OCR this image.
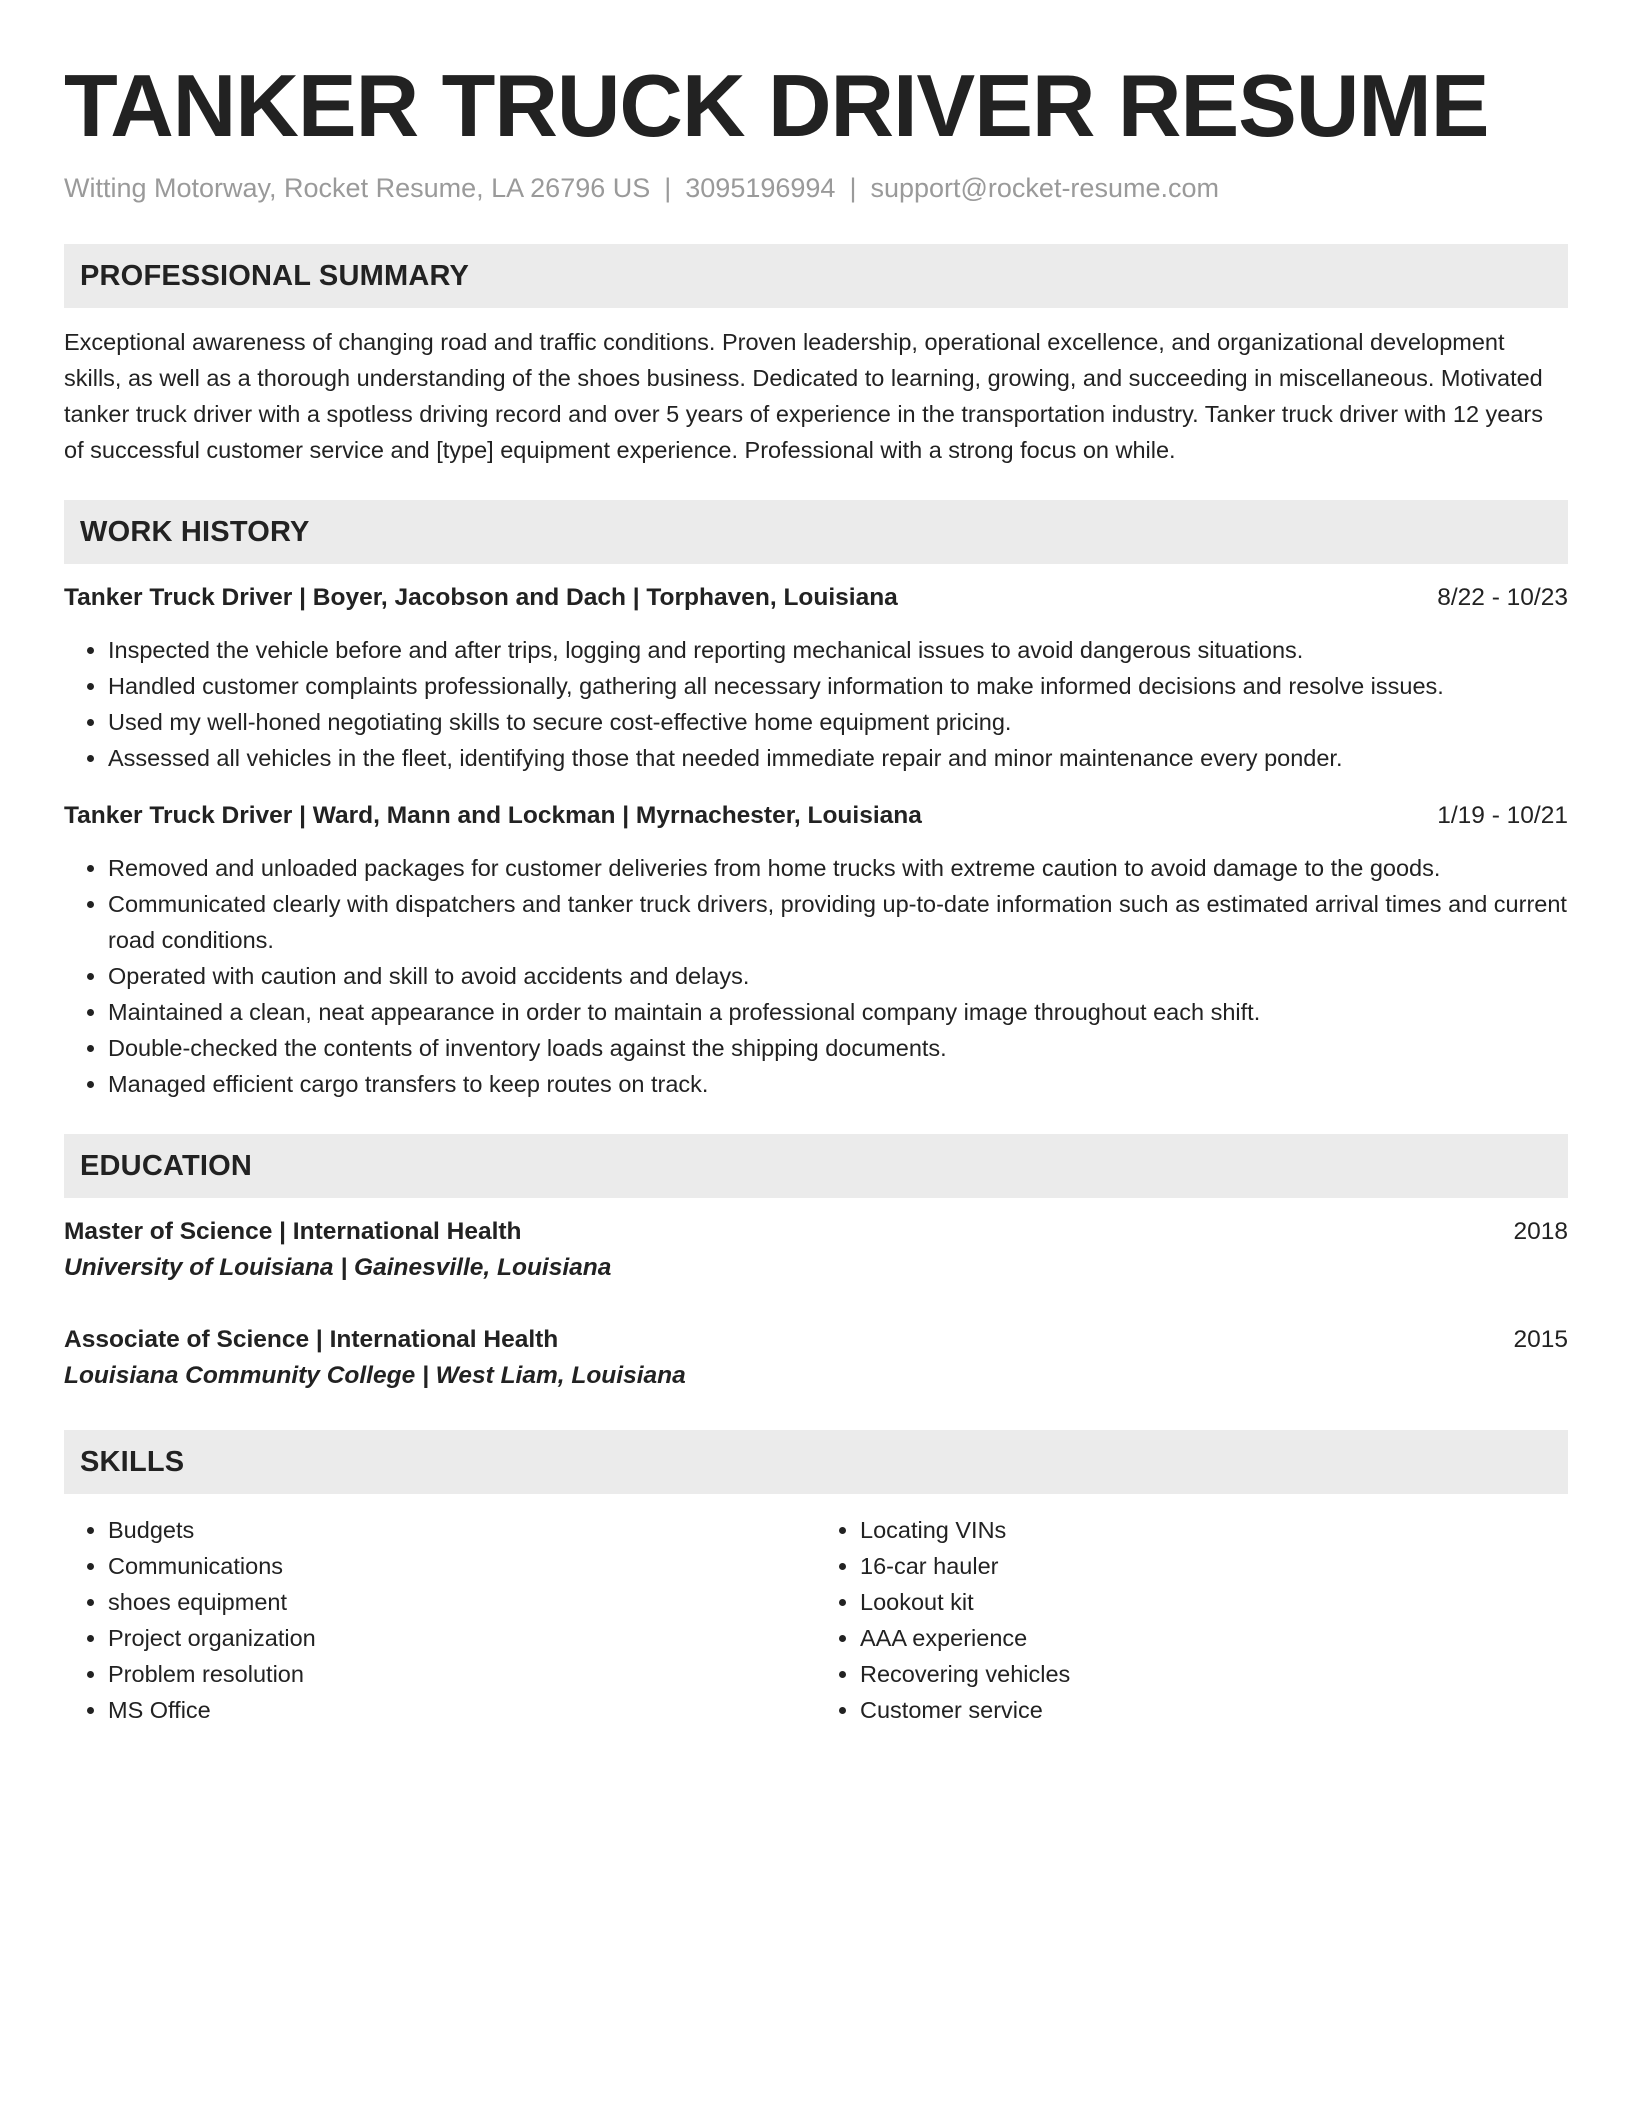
TANKER TRUCK DRIVER RESUME
Witting Motorway, Rocket Resume, LA 26796 US | 3095196994 | support@rocket-resume.com
PROFESSIONAL SUMMARY

Exceptional awareness of changing road and traffic conditions. Proven leadership, operational excellence, and organizational development skills, as well as a thorough understanding of the shoes business. Dedicated to learning, growing, and succeeding in miscellaneous. Motivated tanker truck driver with a spotless driving record and over 5 years of experience in the transportation industry. Tanker truck driver with 12 years of successful customer service and [type] equipment experience. Professional with a strong focus on while.

WORK HISTORY
Tanker Truck Driver | Boyer, Jacobson and Dach | Torphaven, Louisiana	8/22 - 10/23
• Inspected the vehicle before and after trips, logging and reporting mechanical issues to avoid dangerous situations.
• Handled customer complaints professionally, gathering all necessary information to make informed decisions and resolve issues.
• Used my well-honed negotiating skills to secure cost-effective home equipment pricing.
• Assessed all vehicles in the fleet, identifying those that needed immediate repair and minor maintenance every ponder.
Tanker Truck Driver | Ward, Mann and Lockman | Myrnachester, Louisiana	1/19 - 10/21
• Removed and unloaded packages for customer deliveries from home trucks with extreme caution to avoid damage to the goods.
• Communicated clearly with dispatchers and tanker truck drivers, providing up-to-date information such as estimated arrival times and current road conditions.
• Operated with caution and skill to avoid accidents and delays.
• Maintained a clean, neat appearance in order to maintain a professional company image throughout each shift.
• Double-checked the contents of inventory loads against the shipping documents.
• Managed efficient cargo transfers to keep routes on track.
EDUCATION
Master of Science | International Health	2018
University of Louisiana | Gainesville, Louisiana
Associate of Science | International Health	2015
Louisiana Community College | West Liam, Louisiana
SKILLS
• Budgets
• Communications
• shoes equipment
• Project organization
• Problem resolution
• MS Office
• Locating VINs
• 16-car hauler
• Lookout kit
• AAA experience
• Recovering vehicles
• Customer service
